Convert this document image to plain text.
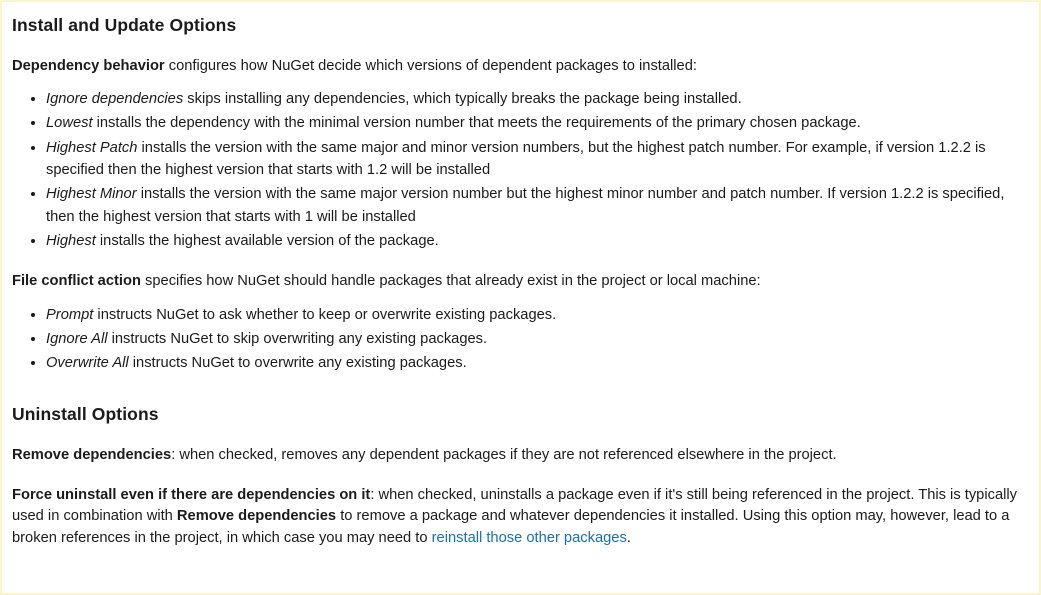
Install and Update Options

Dependency behavior configures how NuGet decide which versions of dependent packages to installed:

• Ignore dependencies skips installing any dependencies, which typically breaks the package being installed.
• Lowest installs the dependency with the minimal version number that meets the requirements of the primary chosen package.
• Highest Patch installs the version with the same major and minor version numbers, but the highest patch number. For example, if version 1.2.2 is specified then the highest version that starts with 1.2 will be installed
• Highest Minor installs the version with the same major version number but the highest minor number and patch number. If version 1.2.2 is specified, then the highest version that starts with 1 will be installed
• Highest installs the highest available version of the package.

File conflict action specifies how NuGet should handle packages that already exist in the project or local machine:

• Prompt instructs NuGet to ask whether to keep or overwrite existing packages.
• Ignore All instructs NuGet to skip overwriting any existing packages.
• Overwrite All instructs NuGet to overwrite any existing packages.
Uninstall Options

Remove dependencies: when checked, removes any dependent packages if they are not referenced elsewhere in the project.

Force uninstall even if there are dependencies on it: when checked, uninstalls a package even if it's still being referenced in the project. This is typically used in combination with Remove dependencies to remove a package and whatever dependencies it installed. Using this option may, however, lead to a broken references in the project, in which case you may need to reinstall those other packages.
